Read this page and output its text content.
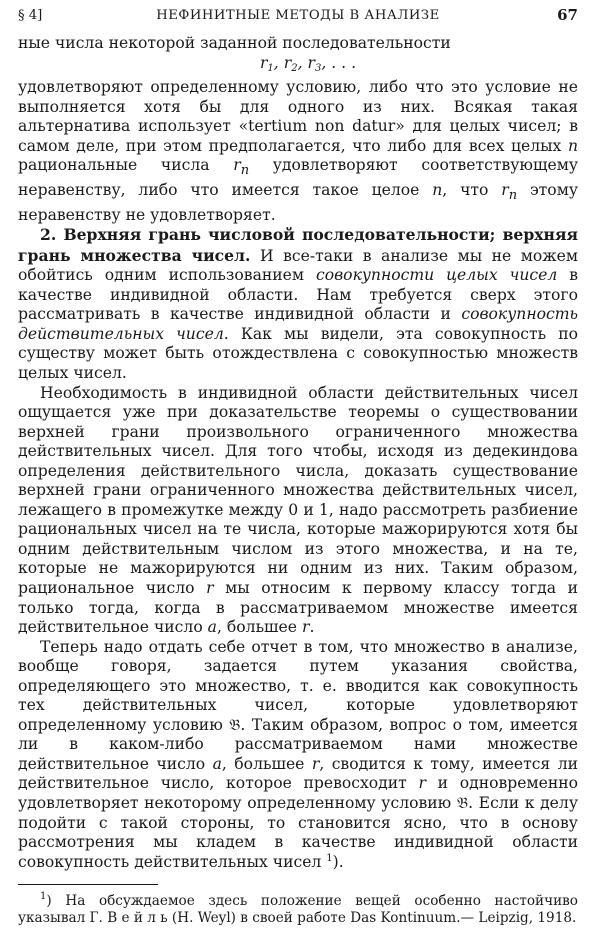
§ 4]	НЕФИНИТНЫЕ МЕТОДЫ В АНАЛИЗЕ	67

ные числа некоторой заданной последовательности

$r_1$, $r_2$, $r_3$, . . .

удовлетворяют определенному условию, либо что это условие не выполняется хотя бы для одного из них. Всякая такая альтернатива использует «tertium non datur» для целых чисел; в самом деле, при этом предполагается, что либо для всех целых n рациональные числа $r_n$ удовлетворяют соответствующему неравенству, либо что имеется такое целое n, что $r_n$ этому неравенству не удовлетворяет.

2. Верхняя грань числовой последовательности; верхняя грань множества чисел. И все-таки в анализе мы не можем обойтись одним использованием совокупности целых чисел в качестве индивидной области. Нам требуется сверх этого рассматривать в качестве индивидной области и совокупность действительных чисел. Как мы видели, эта совокупность по существу может быть отождествлена с совокупностью множеств целых чисел.

Необходимость в индивидной области действительных чисел ощущается уже при доказательстве теоремы о существовании верхней грани произвольного ограниченного множества действительных чисел. Для того чтобы, исходя из дедекиндова определения действительного числа, доказать существование верхней грани ограниченного множества действительных чисел, лежащего в промежутке между 0 и 1, надо рассмотреть разбиение рациональных чисел на те числа, которые мажорируются хотя бы одним действительным числом из этого множества, и на те, которые не мажорируются ни одним из них. Таким образом, рациональное число r мы относим к первому классу тогда и только тогда, когда в рассматриваемом множестве имеется действительное число a, большее r.

Теперь надо отдать себе отчет в том, что множество в анализе, вообще говоря, задается путем указания свойства, определяющего это множество, т. е. вводится как совокупность тех действительных чисел, которые удовлетворяют определенному условию 𝔅. Таким образом, вопрос о том, имеется ли в каком-либо рассматриваемом нами множестве действительное число a, большее r, сводится к тому, имеется ли действительное число, которое превосходит r и одновременно удовлетворяет некоторому определенному условию 𝔅. Если к делу подойти с такой стороны, то становится ясно, что в основу рассмотрения мы кладем в качестве индивидной области совокупность действительных чисел $^1$).

$^1$) На обсуждаемое здесь положение вещей особенно настойчиво указывал Г. В е й л ь (H. Weyl) в своей работе Das Kontinuum.— Leipzig, 1918.
